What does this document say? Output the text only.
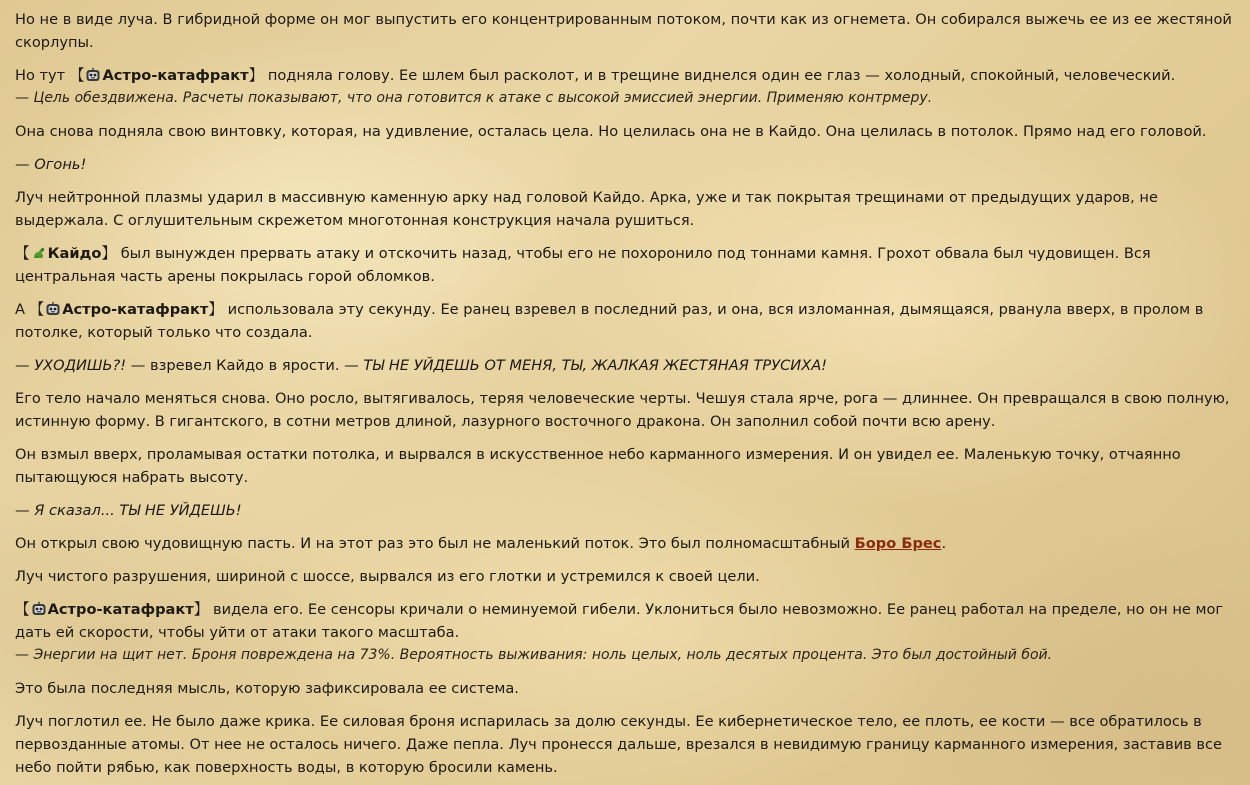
Но не в виде луча. В гибридной форме он мог выпустить его концентрированным потоком, почти как из огнемета. Он собирался выжечь ее из ее жестяной скорлупы.
Но тут 【 Астро-катафракт】 подняла голову. Ее шлем был расколот, и в трещине виднелся один ее глаз — холодный, спокойный, человеческий.
— Цель обездвижена. Расчеты показывают, что она готовится к атаке с высокой эмиссией энергии. Применяю контрмеру.
Она снова подняла свою винтовку, которая, на удивление, осталась цела. Но целилась она не в Кайдо. Она целилась в потолок. Прямо над его головой.
— Огонь!
Луч нейтронной плазмы ударил в массивную каменную арку над головой Кайдо. Арка, уже и так покрытая трещинами от предыдущих ударов, не выдержала. С оглушительным скрежетом многотонная конструкция начала рушиться.
【 Кайдо】 был вынужден прервать атаку и отскочить назад, чтобы его не похоронило под тоннами камня. Грохот обвала был чудовищен. Вся центральная часть арены покрылась горой обломков.
А 【 Астро-катафракт】 использовала эту секунду. Ее ранец взревел в последний раз, и она, вся изломанная, дымящаяся, рванула вверх, в пролом в потолке, который только что создала.
— УХОДИШЬ?! — взревел Кайдо в ярости. — ТЫ НЕ УЙДЕШЬ ОТ МЕНЯ, ТЫ, ЖАЛКАЯ ЖЕСТЯНАЯ ТРУСИХА!
Его тело начало меняться снова. Оно росло, вытягивалось, теряя человеческие черты. Чешуя стала ярче, рога — длиннее. Он превращался в свою полную, истинную форму. В гигантского, в сотни метров длиной, лазурного восточного дракона. Он заполнил собой почти всю арену.
Он взмыл вверх, проламывая остатки потолка, и вырвался в искусственное небо карманного измерения. И он увидел ее. Маленькую точку, отчаянно пытающуюся набрать высоту.
— Я сказал... ТЫ НЕ УЙДЕШЬ!
Он открыл свою чудовищную пасть. И на этот раз это был не маленький поток. Это был полномасштабный Боро Брес.
Луч чистого разрушения, шириной с шоссе, вырвался из его глотки и устремился к своей цели.
【 Астро-катафракт】 видела его. Ее сенсоры кричали о неминуемой гибели. Уклониться было невозможно. Ее ранец работал на пределе, но он не мог дать ей скорости, чтобы уйти от атаки такого масштаба.
— Энергии на щит нет. Броня повреждена на 73%. Вероятность выживания: ноль целых, ноль десятых процента. Это был достойный бой.
Это была последняя мысль, которую зафиксировала ее система.
Луч поглотил ее. Не было даже крика. Ее силовая броня испарилась за долю секунды. Ее кибернетическое тело, ее плоть, ее кости — все обратилось в первозданные атомы. От нее не осталось ничего. Даже пепла. Луч пронесся дальше, врезался в невидимую границу карманного измерения, заставив все небо пойти рябью, как поверхность воды, в которую бросили камень.
